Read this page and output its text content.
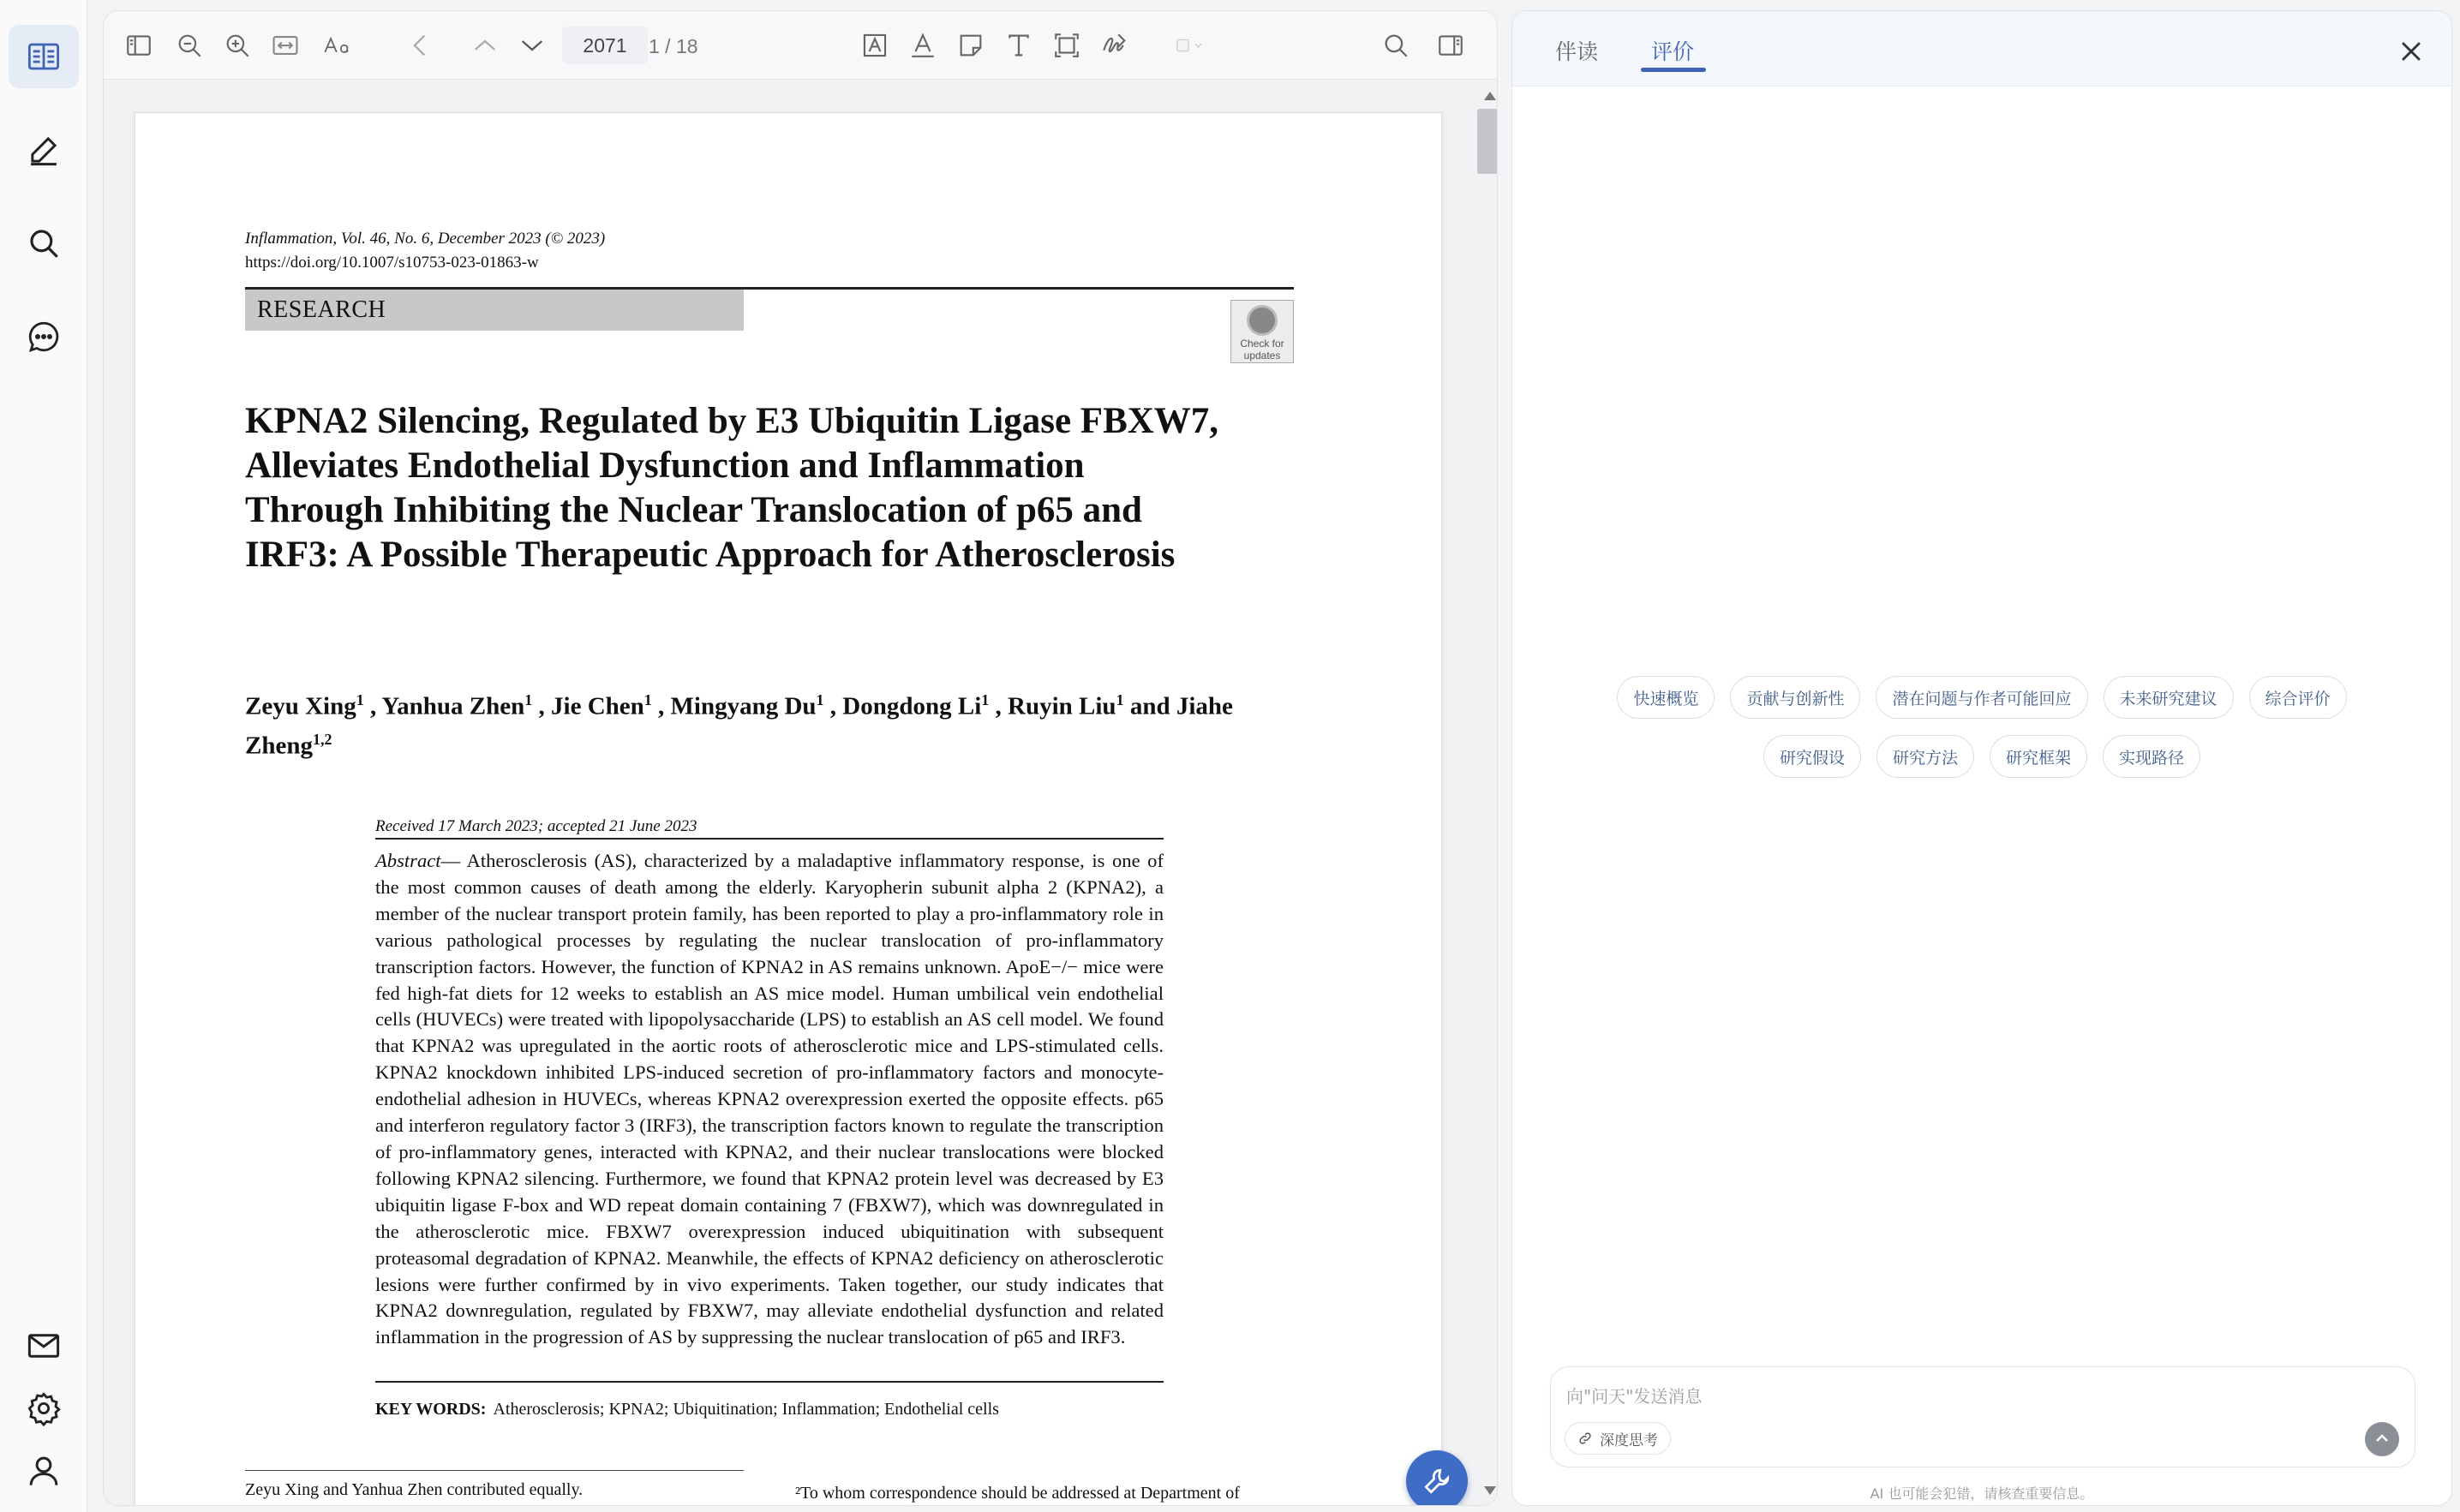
2071
1 / 18
Inflammation, Vol. 46, No. 6, December 2023 (© 2023)
https://doi.org/10.1007/s10753-023-01863-w
RESEARCH
Check for updates
KPNA2 Silencing, Regulated by E3 Ubiquitin Ligase FBXW7, Alleviates Endothelial Dysfunction and Inflammation Through Inhibiting the Nuclear Translocation of p65 and IRF3: A Possible Therapeutic Approach for Atherosclerosis
Zeyu Xing$^1$ , Yanhua Zhen$^1$ , Jie Chen$^1$ , Mingyang Du$^1$ , Dongdong Li$^1$ , Ruyin Liu$^1$ and Jiahe Zheng$^{1,2}$
Received 17 March 2023; accepted 21 June 2023
Abstract— Atherosclerosis (AS), characterized by a maladaptive inflammatory response, is one of the most common causes of death among the elderly. Karyopherin subunit alpha 2 (KPNA2), a member of the nuclear transport protein family, has been reported to play a pro-inflammatory role in various pathological processes by regulating the nuclear translocation of pro-inflammatory transcription factors. However, the function of KPNA2 in AS remains unknown. ApoE−/− mice were fed high-fat diets for 12 weeks to establish an AS mice model. Human umbilical vein endothelial cells (HUVECs) were treated with lipopolysaccharide (LPS) to establish an AS cell model. We found that KPNA2 was upregulated in the aortic roots of atherosclerotic mice and LPS-stimulated cells. KPNA2 knockdown inhibited LPS-induced secretion of pro-inflammatory factors and monocyte-endothelial adhesion in HUVECs, whereas KPNA2 overexpression exerted the opposite effects. p65 and interferon regulatory factor 3 (IRF3), the transcription factors known to regulate the transcription of pro-inflammatory genes, interacted with KPNA2, and their nuclear translocations were blocked following KPNA2 silencing. Furthermore, we found that KPNA2 protein level was decreased by E3 ubiquitin ligase F-box and WD repeat domain containing 7 (FBXW7), which was downregulated in the atherosclerotic mice. FBXW7 overexpression induced ubiquitination with subsequent proteasomal degradation of KPNA2. Meanwhile, the effects of KPNA2 deficiency on atherosclerotic lesions were further confirmed by in vivo experiments. Taken together, our study indicates that KPNA2 downregulation, regulated by FBXW7, may alleviate endothelial dysfunction and related inflammation in the progression of AS by suppressing the nuclear translocation of p65 and IRF3.
KEY WORDS: Atherosclerosis; KPNA2; Ubiquitination; Inflammation; Endothelial cells
Zeyu Xing and Yanhua Zhen contributed equally.	²To whom correspondence should be addressed at Department of
伴读 评价
快速概览	贡献与创新性	潜在问题与作者可能回应	未来研究建议	综合评价
研究假设	研究方法	研究框架	实现路径
向"问天"发送消息
深度思考
AI 也可能会犯错，请核查重要信息。
